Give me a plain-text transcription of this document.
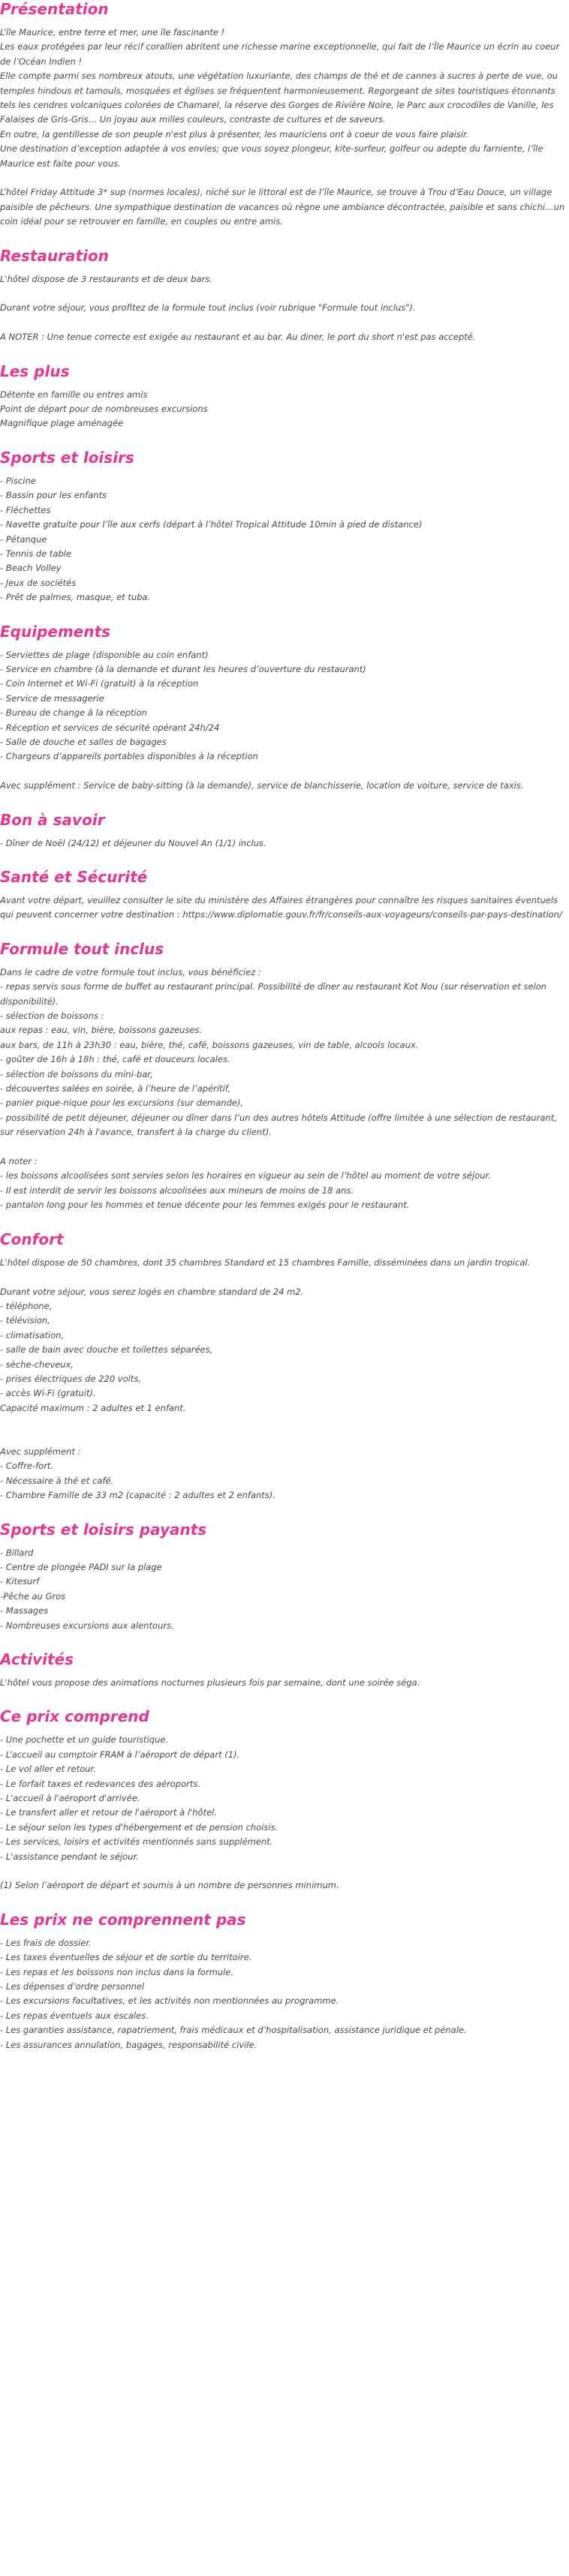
Présentation
L’île Maurice, entre terre et mer, une île fascinante !
Les eaux protégées par leur récif corallien abritent une richesse marine exceptionnelle, qui fait de l’Île Maurice un écrin au coeur de l’Océan Indien !
Elle compte parmi ses nombreux atouts, une végétation luxuriante, des champs de thé et de cannes à sucres à perte de vue, ou temples hindous et tamouls, mosquées et églises se fréquentent harmonieusement. Regorgeant de sites touristiques étonnants tels les cendres volcaniques colorées de Chamarel, la réserve des Gorges de Rivière Noire, le Parc aux crocodiles de Vanille, les Falaises de Gris-Gris… Un joyau aux milles couleurs, contraste de cultures et de saveurs.
En outre, la gentillesse de son peuple n'est plus à présenter, les mauriciens ont à coeur de vous faire plaisir.
Une destination d’exception adaptée à vos envies; que vous soyez plongeur, kite-surfeur, golfeur ou adepte du farniente, l’île Maurice est faite pour vous.
L’hôtel Friday Attitude 3* sup (normes locales), niché sur le littoral est de l’île Maurice, se trouve à Trou d’Eau Douce, un village paisible de pêcheurs. Une sympathique destination de vacances où règne une ambiance décontractée, paisible et sans chichi…un coin idéal pour se retrouver en famille, en couples ou entre amis.
Restauration
L'hôtel dispose de 3 restaurants et de deux bars.
Durant votre séjour, vous profitez de la formule tout inclus (voir rubrique "Formule tout inclus").
A NOTER : Une tenue correcte est exigée au restaurant et au bar. Au diner, le port du short n'est pas accepté.
Les plus
Détente en famille ou entres amis
Point de départ pour de nombreuses excursions
Magnifique plage aménagée
Sports et loisirs
- Piscine
- Bassin pour les enfants
- Fléchettes
- Navette gratuite pour l’île aux cerfs (départ à l’hôtel Tropical Attitude 10min à pied de distance)
- Pétanque
- Tennis de table
- Beach Volley
- Jeux de sociétés
- Prêt de palmes, masque, et tuba.
Equipements
- Serviettes de plage (disponible au coin enfant)
- Service en chambre (à la demande et durant les heures d’ouverture du restaurant)
- Coin Internet et Wi-Fi (gratuit) à la réception
- Service de messagerie
- Bureau de change à la réception
- Réception et services de sécurité opérant 24h/24
- Salle de douche et salles de bagages
- Chargeurs d’appareils portables disponibles à la réception
Avec supplément : Service de baby-sitting (à la demande), service de blanchisserie, location de voiture, service de taxis.
Bon à savoir
- Dîner de Noël (24/12) et déjeuner du Nouvel An (1/1) inclus.
Santé et Sécurité
Avant votre départ, veuillez consulter le site du ministère des Affaires étrangères pour connaître les risques sanitaires éventuels qui peuvent concerner votre destination : https://www.diplomatie.gouv.fr/fr/conseils-aux-voyageurs/conseils-par-pays-destination/
Formule tout inclus
Dans le cadre de votre formule tout inclus, vous bénéficiez :
- repas servis sous forme de buffet au restaurant principal. Possibilité de dîner au restaurant Kot Nou (sur réservation et selon disponibilité).
- sélection de boissons :
aux repas : eau, vin, bière, boissons gazeuses.
aux bars, de 11h à 23h30 : eau, bière, thé, café, boissons gazeuses, vin de table, alcools locaux.
- goûter de 16h à 18h : thé, café et douceurs locales.
- sélection de boissons du mini-bar,
- découvertes salées en soirée, à l’heure de l’apéritif,
- panier pique-nique pour les excursions (sur demande),
- possibilité de petit déjeuner, déjeuner ou dîner dans l’un des autres hôtels Attitude (offre limitée à une sélection de restaurant, sur réservation 24h à l'avance, transfert à la charge du client).
A noter :
- les boissons alcoolisées sont servies selon les horaires en vigueur au sein de l’hôtel au moment de votre séjour.
- Il est interdit de servir les boissons alcoolisées aux mineurs de moins de 18 ans.
- pantalon long pour les hommes et tenue décente pour les femmes exigés pour le restaurant.
Confort
L'hôtel dispose de 50 chambres, dont 35 chambres Standard et 15 chambres Famille, disséminées dans un jardin tropical.
Durant votre séjour, vous serez logés en chambre standard de 24 m2.
- téléphone,
- télévision,
- climatisation,
- salle de bain avec douche et toilettes séparées,
- sèche-cheveux,
- prises électriques de 220 volts,
- accès Wi-Fi (gratuit).
Capacité maximum : 2 adultes et 1 enfant.
Avec supplément :
- Coffre-fort.
- Nécessaire à thé et café.
- Chambre Famille de 33 m2 (capacité : 2 adultes et 2 enfants).
Sports et loisirs payants
- Billard
- Centre de plongée PADI sur la plage
- Kitesurf
-Pêche au Gros
- Massages
- Nombreuses excursions aux alentours.
Activités
L'hôtel vous propose des animations nocturnes plusieurs fois par semaine, dont une soirée séga.
Ce prix comprend
- Une pochette et un guide touristique.
- L’accueil au comptoir FRAM à l’aéroport de départ (1).
- Le vol aller et retour.
- Le forfait taxes et redevances des aéroports.
- L'accueil à l'aéroport d'arrivée.
- Le transfert aller et retour de l'aéroport à l'hôtel.
- Le séjour selon les types d'hébergement et de pension choisis.
- Les services, loisirs et activités mentionnés sans supplément.
- L'assistance pendant le séjour.
(1) Selon l’aéroport de départ et soumis à un nombre de personnes minimum.
Les prix ne comprennent pas
- Les frais de dossier.
- Les taxes éventuelles de séjour et de sortie du territoire.
- Les repas et les boissons non inclus dans la formule.
- Les dépenses d’ordre personnel
- Les excursions facultatives, et les activités non mentionnées au programme.
- Les repas éventuels aux escales.
- Les garanties assistance, rapatriement, frais médicaux et d’hospitalisation, assistance juridique et pénale.
- Les assurances annulation, bagages, responsabilité civile.
